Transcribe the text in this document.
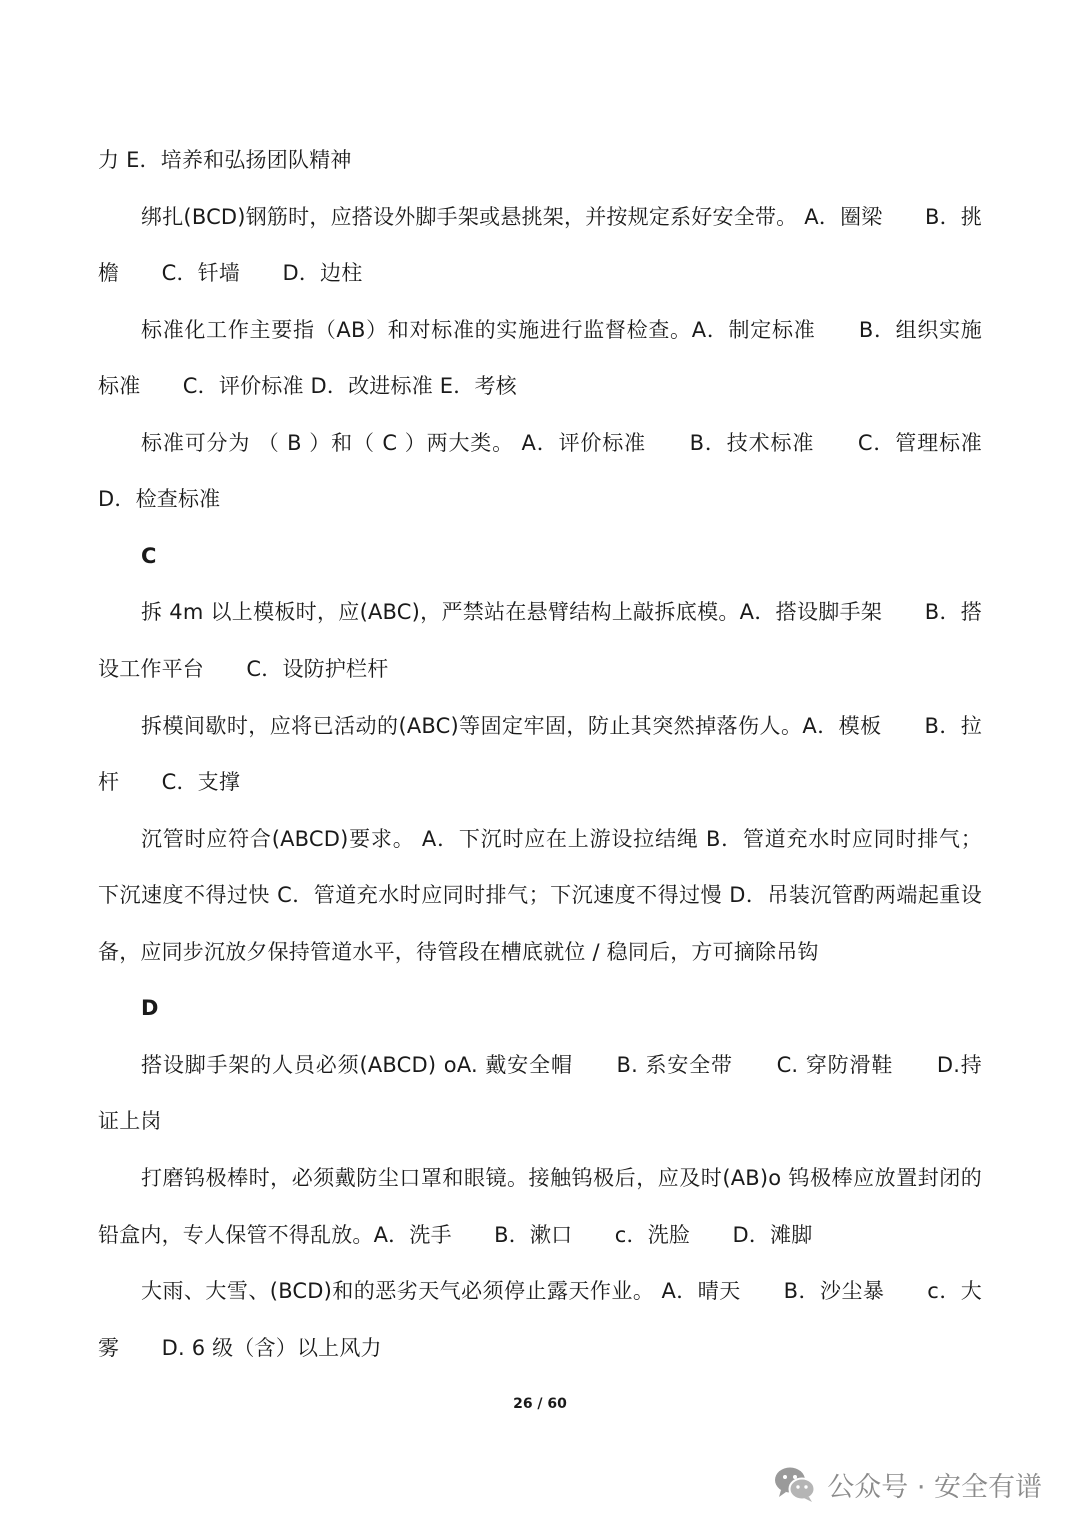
力 E．培养和弘扬团队精神
绑扎(BCD)钢筋时，应搭设外脚手架或悬挑架，并按规定系好安全带。 A．圈梁　　B．挑
檐　　C．钎墙　　D．边柱
标准化工作主要指（AB）和对标准的实施进行监督检查。A．制定标准　　B．组织实施
标准　　C．评价标准 D．改进标准 E．考核
标准可分为 （ B ）和（ C ）两大类。 A．评价标准　　B．技术标准　　C．管理标准
D．检查标准
C
拆 4m 以上模板时，应(ABC)，严禁站在悬臂结构上敲拆底模。A．搭设脚手架　　B．搭
设工作平台　　C．设防护栏杆
拆模间歇时，应将已活动的(ABC)等固定牢固，防止其突然掉落伤人。A．模板　　B．拉
杆　　C．支撑
沉管时应符合(ABCD)要求。 A．下沉时应在上游设拉结绳 B．管道充水时应同时排气；
下沉速度不得过快 C．管道充水时应同时排气；下沉速度不得过慢 D．吊装沉管酌两端起重设
备，应同步沉放夕保持管道水平，待管段在槽底就位 / 稳同后，方可摘除吊钩
D
搭设脚手架的人员必须(ABCD) oA. 戴安全帽　　B. 系安全带　　C. 穿防滑鞋　　D.持
证上岗
打磨钨极棒时，必须戴防尘口罩和眼镜。接触钨极后，应及时(AB)o 钨极棒应放置封闭的
铅盒内，专人保管不得乱放。A．洗手　　B．漱口　　c．洗脸　　D．滩脚
大雨、大雪、(BCD)和的恶劣天气必须停止露天作业。 A．晴天　　B．沙尘暴　　c．大
雾　　D. 6 级（含）以上风力
26 / 60
公众号 · 安全有谱
